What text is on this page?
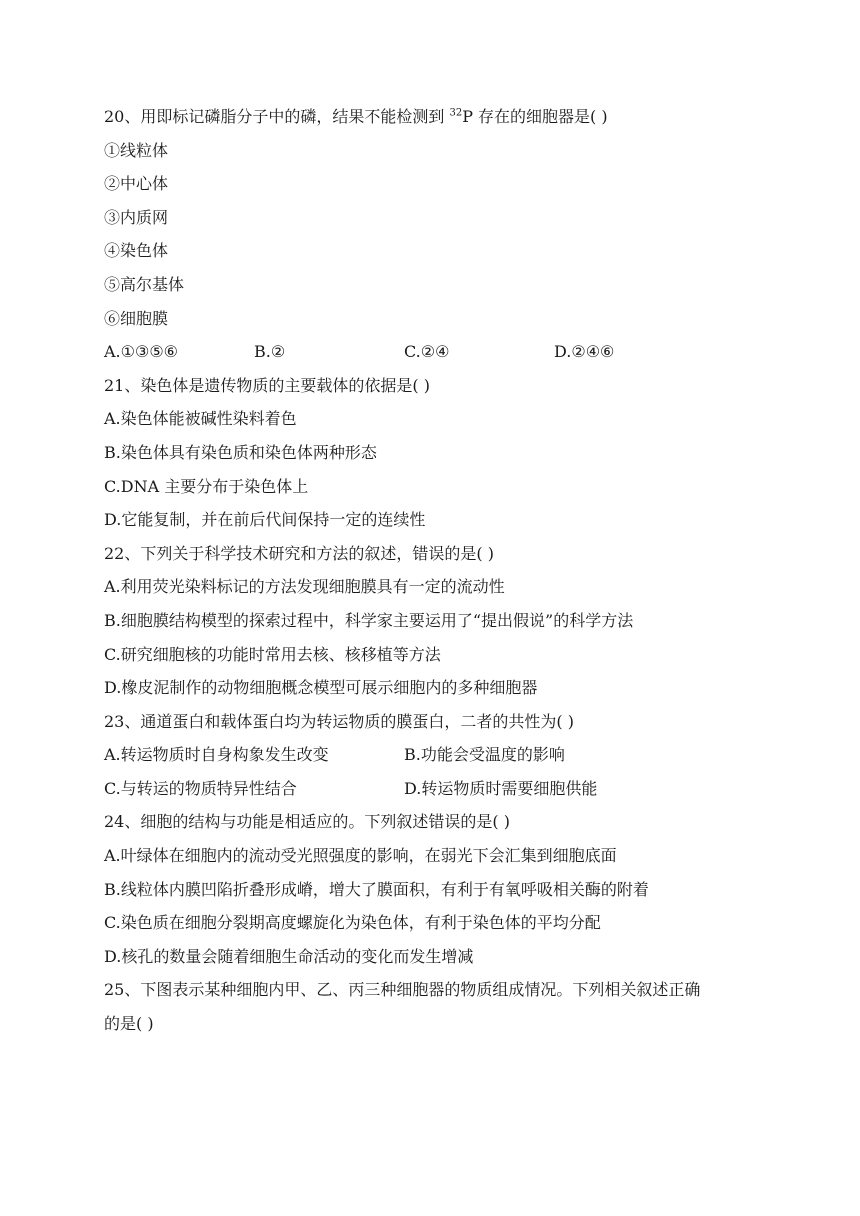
20、用即标记磷脂分子中的磷，结果不能检测到 $^{32}$P 存在的细胞器是( )
①线粒体
②中心体
③内质网
④染色体
⑤高尔基体
⑥细胞膜
A.①③⑤⑥	B.②	C.②④	D.②④⑥
21、染色体是遗传物质的主要载体的依据是( )
A.染色体能被碱性染料着色
B.染色体具有染色质和染色体两种形态
C.DNA 主要分布于染色体上
D.它能复制，并在前后代间保持一定的连续性
22、下列关于科学技术研究和方法的叙述，错误的是( )
A.利用荧光染料标记的方法发现细胞膜具有一定的流动性
B.细胞膜结构模型的探索过程中，科学家主要运用了“提出假说”的科学方法
C.研究细胞核的功能时常用去核、核移植等方法
D.橡皮泥制作的动物细胞概念模型可展示细胞内的多种细胞器
23、通道蛋白和载体蛋白均为转运物质的膜蛋白，二者的共性为( )
A.转运物质时自身构象发生改变	B.功能会受温度的影响
C.与转运的物质特异性结合	D.转运物质时需要细胞供能
24、细胞的结构与功能是相适应的。下列叙述错误的是( )
A.叶绿体在细胞内的流动受光照强度的影响，在弱光下会汇集到细胞底面
B.线粒体内膜凹陷折叠形成嵴，增大了膜面积，有利于有氧呼吸相关酶的附着
C.染色质在细胞分裂期高度螺旋化为染色体，有利于染色体的平均分配
D.核孔的数量会随着细胞生命活动的变化而发生增减
25、下图表示某种细胞内甲、乙、丙三种细胞器的物质组成情况。下列相关叙述正确
的是( )
